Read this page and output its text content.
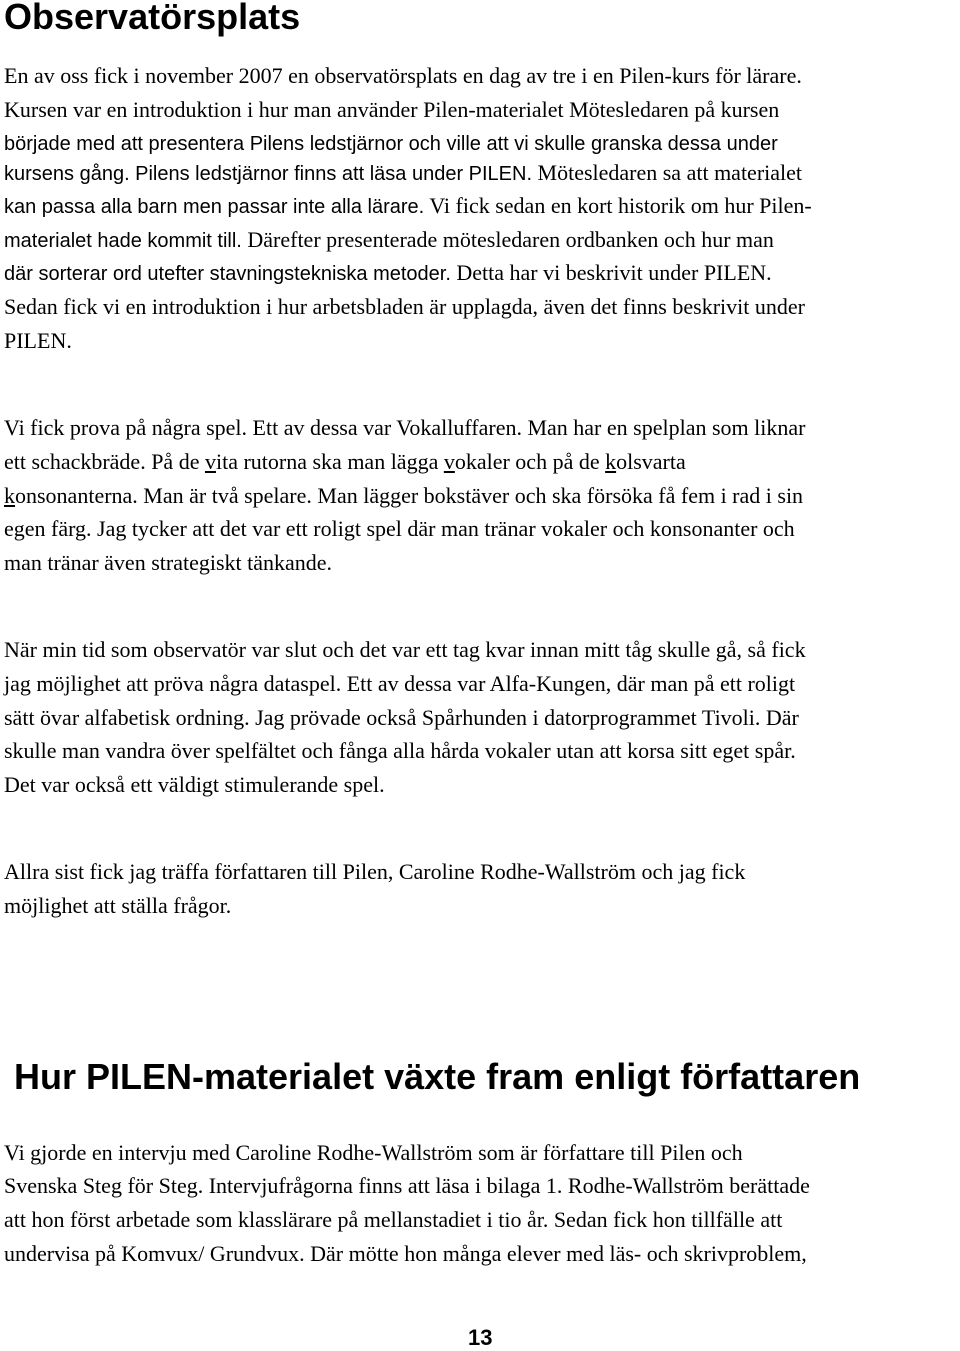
Observatörsplats
En av oss fick i november 2007 en observatörsplats en dag av tre i en Pilen-kurs för lärare.
Kursen var en introduktion i hur man använder Pilen-materialet Mötesledaren på kursen
började med att presentera Pilens ledstjärnor och ville att vi skulle granska dessa under
kursens gång. Pilens ledstjärnor finns att läsa under PILEN. Mötesledaren sa att materialet
kan passa alla barn men passar inte alla lärare. Vi fick sedan en kort historik om hur Pilen-
materialet hade kommit till. Därefter presenterade mötesledaren ordbanken och hur man
där sorterar ord utefter stavningstekniska metoder. Detta har vi beskrivit under PILEN.
Sedan fick vi en introduktion i hur arbetsbladen är upplagda, även det finns beskrivit under
PILEN.
Vi fick prova på några spel. Ett av dessa var Vokalluffaren. Man har en spelplan som liknar
ett schackbräde. På de vita rutorna ska man lägga vokaler och på de kolsvarta
konsonanterna. Man är två spelare. Man lägger bokstäver och ska försöka få fem i rad i sin
egen färg. Jag tycker att det var ett roligt spel där man tränar vokaler och konsonanter och
man tränar även strategiskt tänkande.
När min tid som observatör var slut och det var ett tag kvar innan mitt tåg skulle gå, så fick
jag möjlighet att pröva några dataspel. Ett av dessa var Alfa-Kungen, där man på ett roligt
sätt övar alfabetisk ordning. Jag prövade också Spårhunden i datorprogrammet Tivoli. Där
skulle man vandra över spelfältet och fånga alla hårda vokaler utan att korsa sitt eget spår.
Det var också ett väldigt stimulerande spel.
Allra sist fick jag träffa författaren till Pilen, Caroline Rodhe-Wallström och jag fick
möjlighet att ställa frågor.
Hur PILEN-materialet växte fram enligt författaren
Vi gjorde en intervju med Caroline Rodhe-Wallström som är författare till Pilen och
Svenska Steg för Steg. Intervjufrågorna finns att läsa i bilaga 1. Rodhe-Wallström berättade
att hon först arbetade som klasslärare på mellanstadiet i tio år. Sedan fick hon tillfälle att
undervisa på Komvux/ Grundvux. Där mötte hon många elever med läs- och skrivproblem,
13
